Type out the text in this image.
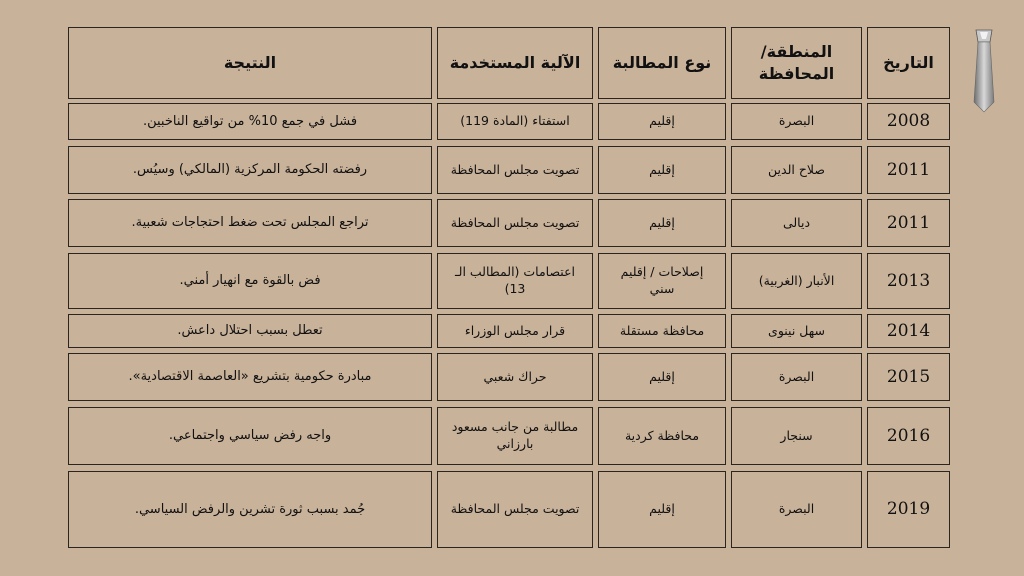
التاريخ
المنطقة/ المحافظة
نوع المطالبة
الآلية المستخدمة
النتيجة
2008
البصرة
إقليم
استفتاء (المادة 119)
فشل في جمع 10% من تواقيع الناخبين.
2011
صلاح الدين
إقليم
تصويت مجلس المحافظة
رفضته الحكومة المركزية (المالكي) وسيُس.
2011
ديالى
إقليم
تصويت مجلس المحافظة
تراجع المجلس تحت ضغط احتجاجات شعبية.
2013
الأنبار (الغربية)
إصلاحات / إقليم سني
اعتصامات (المطالب الـ 13)
فض بالقوة مع انهيار أمني.
2014
سهل نينوى
محافظة مستقلة
قرار مجلس الوزراء
تعطل بسبب احتلال داعش.
2015
البصرة
إقليم
حراك شعبي
مبادرة حكومية بتشريع «العاصمة الاقتصادية».
2016
سنجار
محافظة كردية
مطالبة من جانب مسعود بارزاني
واجه رفض سياسي واجتماعي.
2019
البصرة
إقليم
تصويت مجلس المحافظة
جُمد بسبب ثورة تشرين والرفض السياسي.
